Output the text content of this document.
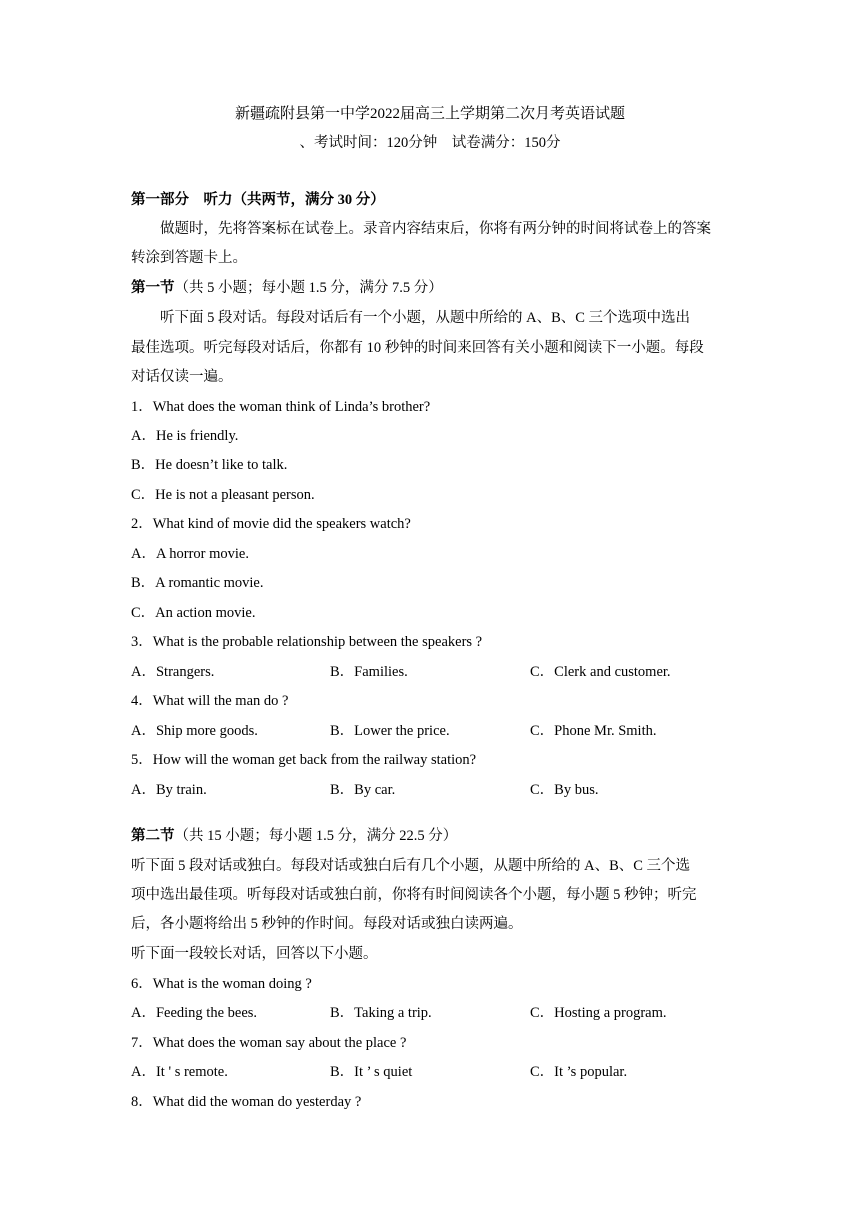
新疆疏附县第一中学2022届高三上学期第二次月考英语试题
、考试时间：120分钟　试卷满分：150分
第一部分　听力（共两节，满分 30 分）
做题时，先将答案标在试卷上。录音内容结束后，你将有两分钟的时间将试卷上的答案
转涂到答题卡上。
第一节（共 5 小题；每小题 1.5 分，满分 7.5 分）
听下面 5 段对话。每段对话后有一个小题，从题中所给的 A、B、C 三个选项中选出
最佳选项。听完每段对话后，你都有 10 秒钟的时间来回答有关小题和阅读下一小题。每段
对话仅读一遍。
1．What does the woman think of Linda’s brother?
A．He is friendly.
B．He doesn’t like to talk.
C．He is not a pleasant person.
2．What kind of movie did the speakers watch?
A．A horror movie.
B．A romantic movie.
C．An action movie.
3．What is the probable relationship between the speakers ?
A．Strangers.	B．Families.	C．Clerk and customer.
4．What will the man do ?
A．Ship more goods.	B．Lower the price.	C．Phone Mr. Smith.
5．How will the woman get back from the railway station?
A．By train.	B．By car.	C．By bus.
第二节（共 15 小题；每小题 1.5 分，满分 22.5 分）
听下面 5 段对话或独白。每段对话或独白后有几个小题，从题中所给的 A、B、C 三个选
项中选出最佳项。听每段对话或独白前，你将有时间阅读各个小题，每小题 5 秒钟；听完
后，各小题将给出 5 秒钟的作时间。每段对话或独白读两遍。
听下面一段较长对话，回答以下小题。
6．What is the woman doing ?
A．Feeding the bees.	B．Taking a trip.	C．Hosting a program.
7．What does the woman say about the place ?
A．It ' s remote.	B．It ’ s quiet	C．It ’s popular.
8．What did the woman do yesterday ?
